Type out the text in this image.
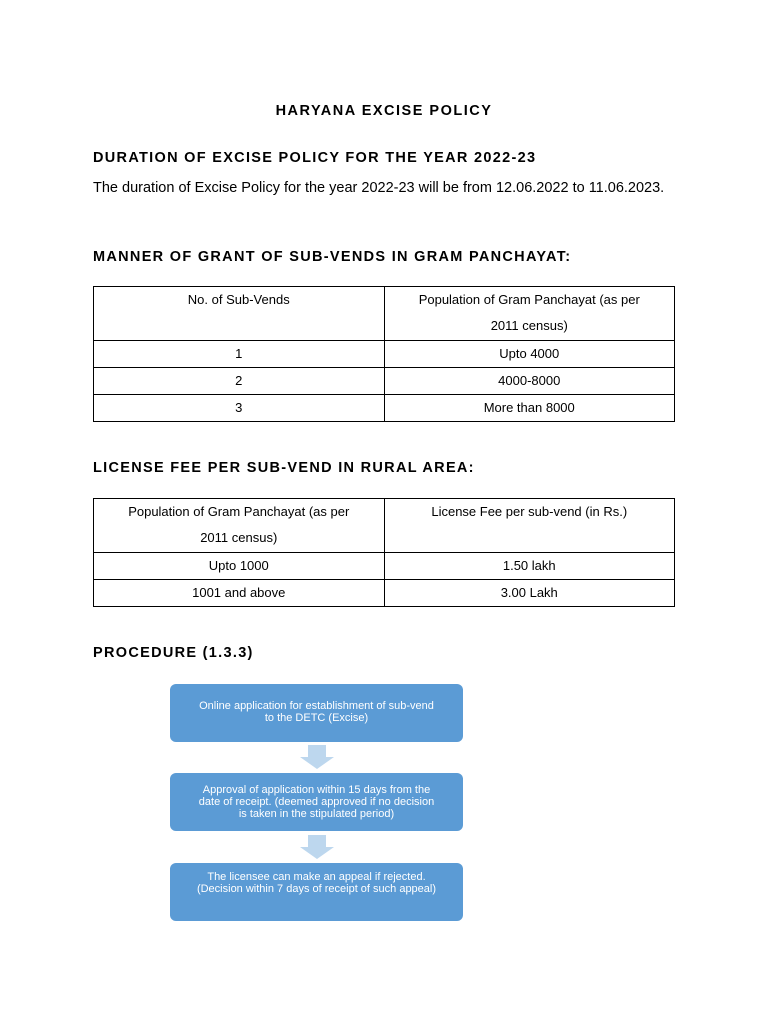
HARYANA EXCISE POLICY
DURATION OF EXCISE POLICY FOR THE YEAR 2022-23
The duration of Excise Policy for the year 2022-23 will be from 12.06.2022 to 11.06.2023.
MANNER OF GRANT OF SUB-VENDS IN GRAM PANCHAYAT:
No. of Sub-Vends	Population of Gram Panchayat (as per
2011 census)

1	Upto 4000
2	4000-8000
3	More than 8000
LICENSE FEE PER SUB-VEND IN RURAL AREA:
Population of Gram Panchayat (as per
2011 census)	License Fee per sub-vend (in Rs.)

Upto 1000	1.50 lakh
1001 and above	3.00 Lakh
PROCEDURE (1.3.3)
Online application for establishment of sub-vend
to the DETC (Excise)
Approval of application within 15 days from the
date of receipt. (deemed approved if no decision
is taken in the stipulated period)
The licensee can make an appeal if rejected.
(Decision within 7 days of receipt of such appeal)
